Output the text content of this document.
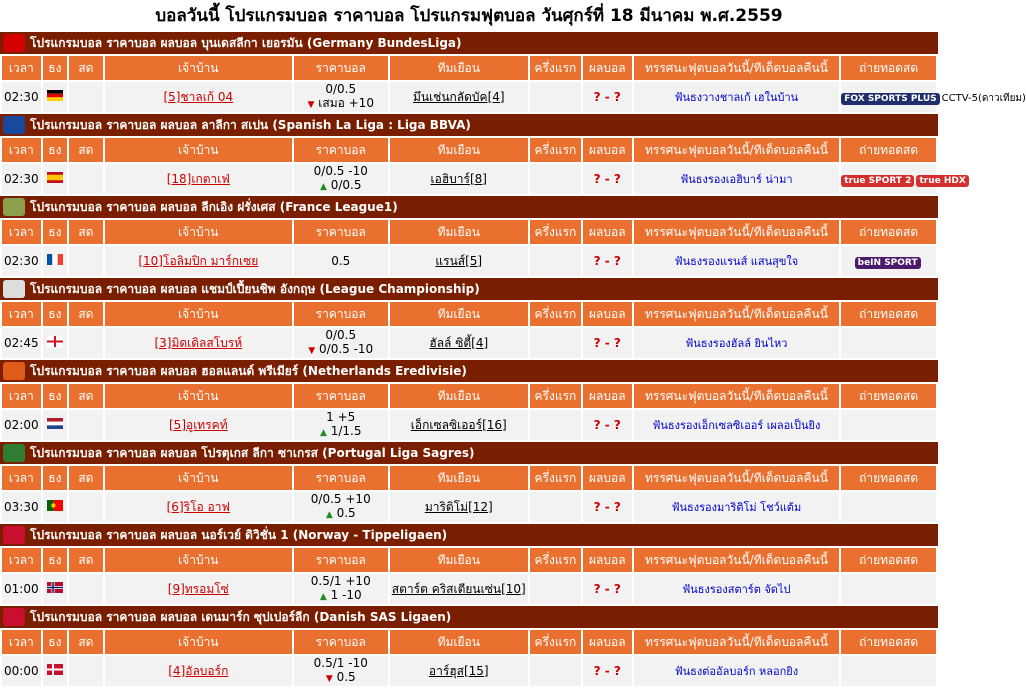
บอลวันนี้ โปรแกรมบอล ราคาบอล โปรแกรมฟุตบอล วันศุกร์ที่ 18 มีนาคม พ.ศ.2559
โปรแกรมบอล ราคาบอล ผลบอล บุนเดสลีกา เยอรมัน (Germany BundesLiga)
เวลา	ธง	สด	เจ้าบ้าน	ราคาบอล	ทีมเยือน	ครึ่งแรก	ผลบอล	ทรรศนะฟุตบอลวันนี้/ทีเด็ดบอลคืนนี้	ถ่ายทอดสด
02:30			[5]ชาลเก้ 04	0/0.5
▼ เสมอ +10	มึนเช่นกลัดบัค[4]		? - ?	ฟันธงวางชาลเก้ เฮในบ้าน	FOX SPORTS PLUS CCTV-5(ดาวเทียม)
โปรแกรมบอล ราคาบอล ผลบอล ลาลีกา สเปน (Spanish La Liga : Liga BBVA)
เวลา	ธง	สด	เจ้าบ้าน	ราคาบอล	ทีมเยือน	ครึ่งแรก	ผลบอล	ทรรศนะฟุตบอลวันนี้/ทีเด็ดบอลคืนนี้	ถ่ายทอดสด
02:30			[18]เกตาเฟ่	0/0.5 -10
▲ 0/0.5	เอฮิบาร์[8]		? - ?	ฟันธงรองเอฮิบาร์ น่ามา	true SPORT 2 true HDX
โปรแกรมบอล ราคาบอล ผลบอล ลีกเอิง ฝรั่งเศส (France League1)
เวลา	ธง	สด	เจ้าบ้าน	ราคาบอล	ทีมเยือน	ครึ่งแรก	ผลบอล	ทรรศนะฟุตบอลวันนี้/ทีเด็ดบอลคืนนี้	ถ่ายทอดสด
02:30			[10]โอลิมปิก มาร์กเซย	0.5	แรนส์[5]		? - ?	ฟันธงรองแรนส์ แสนสุขใจ	beIN SPORT
โปรแกรมบอล ราคาบอล ผลบอล แชมป์เปี้ยนชิพ อังกฤษ (League Championship)
เวลา	ธง	สด	เจ้าบ้าน	ราคาบอล	ทีมเยือน	ครึ่งแรก	ผลบอล	ทรรศนะฟุตบอลวันนี้/ทีเด็ดบอลคืนนี้	ถ่ายทอดสด
02:45			[3]มิดเดิลสโบรห์	0/0.5
▼ 0/0.5 -10	ฮัลล์ ซิตี้[4]		? - ?	ฟันธงรองฮัลล์ ยินไหว	
โปรแกรมบอล ราคาบอล ผลบอล ฮอลแลนด์ พรีเมียร์ (Netherlands Eredivisie)
เวลา	ธง	สด	เจ้าบ้าน	ราคาบอล	ทีมเยือน	ครึ่งแรก	ผลบอล	ทรรศนะฟุตบอลวันนี้/ทีเด็ดบอลคืนนี้	ถ่ายทอดสด
02:00			[5]อูเทรคท์	1 +5
▲ 1/1.5	เอ็กเซลซิเออร์[16]		? - ?	ฟันธงรองเอ็กเซลซิเออร์ เผลอเป็นยิง	
โปรแกรมบอล ราคาบอล ผลบอล โปรตุเกส ลีกา ซาเกรส (Portugal Liga Sagres)
เวลา	ธง	สด	เจ้าบ้าน	ราคาบอล	ทีมเยือน	ครึ่งแรก	ผลบอล	ทรรศนะฟุตบอลวันนี้/ทีเด็ดบอลคืนนี้	ถ่ายทอดสด
03:30			[6]ริโอ อาฟ	0/0.5 +10
▲ 0.5	มาริติโม่[12]		? - ?	ฟันธงรองมาริติโม่ โชว์แต้ม	
โปรแกรมบอล ราคาบอล ผลบอล นอร์เวย์ ดิวิชั่น 1 (Norway - Tippeligaen)
เวลา	ธง	สด	เจ้าบ้าน	ราคาบอล	ทีมเยือน	ครึ่งแรก	ผลบอล	ทรรศนะฟุตบอลวันนี้/ทีเด็ดบอลคืนนี้	ถ่ายทอดสด
01:00			[9]ทรอมโซ่	0.5/1 +10
▲ 1 -10	สตาร์ต คริสเตียนเซ่น[10]		? - ?	ฟันธงรองสตาร์ต จัดไป	
โปรแกรมบอล ราคาบอล ผลบอล เดนมาร์ก ซุปเปอร์ลีก (Danish SAS Ligaen)
เวลา	ธง	สด	เจ้าบ้าน	ราคาบอล	ทีมเยือน	ครึ่งแรก	ผลบอล	ทรรศนะฟุตบอลวันนี้/ทีเด็ดบอลคืนนี้	ถ่ายทอดสด
00:00			[4]อัลบอร์ก	0.5/1 -10
▼ 0.5	อาร์ฮุส[15]		? - ?	ฟันธงต่ออัลบอร์ก หลอกยิง	
